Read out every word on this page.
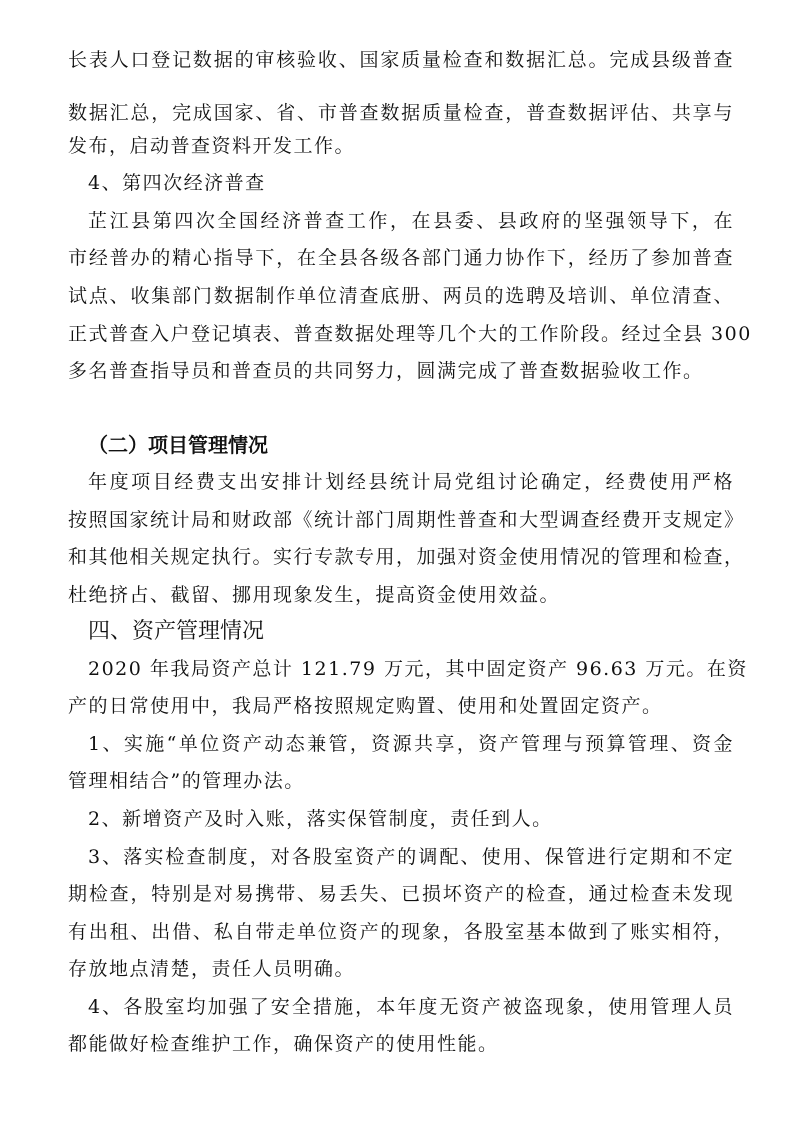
长表人口登记数据的审核验收、国家质量检查和数据汇总。完成县级普查
数据汇总，完成国家、省、市普查数据质量检查，普查数据评估、共享与
发布，启动普查资料开发工作。
4、第四次经济普查
芷江县第四次全国经济普查工作，在县委、县政府的坚强领导下，在
市经普办的精心指导下，在全县各级各部门通力协作下，经历了参加普查
试点、收集部门数据制作单位清查底册、两员的选聘及培训、单位清查、
正式普查入户登记填表、普查数据处理等几个大的工作阶段。经过全县 300
多名普查指导员和普查员的共同努力，圆满完成了普查数据验收工作。
（二）项目管理情况
年度项目经费支出安排计划经县统计局党组讨论确定，经费使用严格
按照国家统计局和财政部《统计部门周期性普查和大型调查经费开支规定》
和其他相关规定执行。实行专款专用，加强对资金使用情况的管理和检查，
杜绝挤占、截留、挪用现象发生，提高资金使用效益。
四、资产管理情况
2020 年我局资产总计 121.79 万元，其中固定资产 96.63 万元。在资
产的日常使用中，我局严格按照规定购置、使用和处置固定资产。
1、实施“单位资产动态兼管，资源共享，资产管理与预算管理、资金
管理相结合”的管理办法。
2、新增资产及时入账，落实保管制度，责任到人。
3、落实检查制度，对各股室资产的调配、使用、保管进行定期和不定
期检查，特别是对易携带、易丢失、已损坏资产的检查，通过检查未发现
有出租、出借、私自带走单位资产的现象，各股室基本做到了账实相符，
存放地点清楚，责任人员明确。
4、各股室均加强了安全措施，本年度无资产被盗现象，使用管理人员
都能做好检查维护工作，确保资产的使用性能。
